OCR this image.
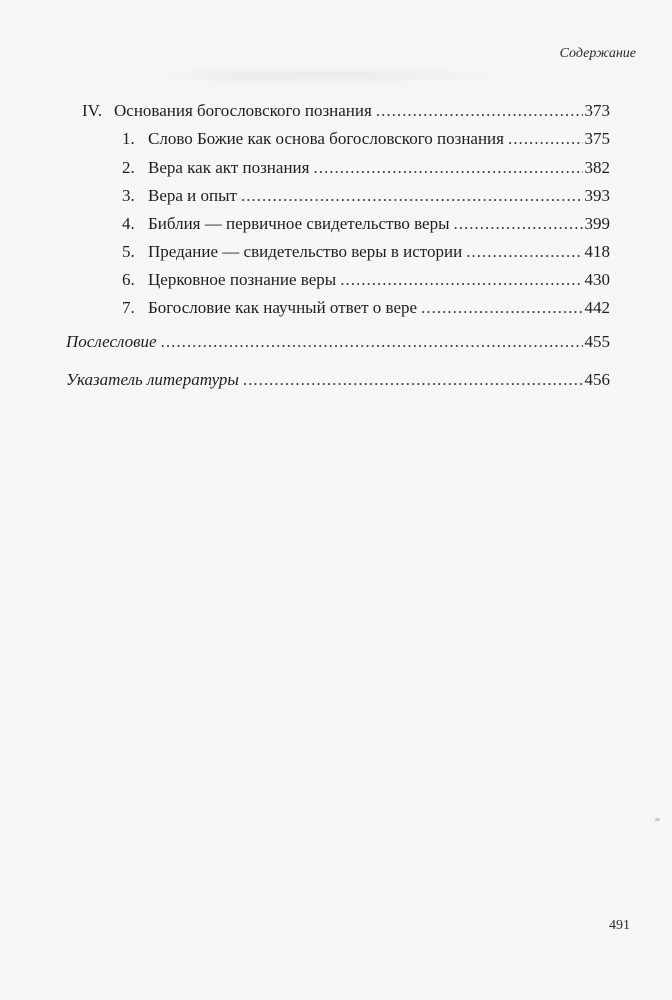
Содержание
IV. Основания богословского познания .....	373
1. Слово Божие как основа богословского познания .....	375
2. Вера как акт познания .....	382
3. Вера и опыт .....	393
4. Библия — первичное свидетельство веры .....	399
5. Предание — свидетельство веры в истории .....	418
6. Церковное познание веры .....	430
7. Богословие как научный ответ о вере .....	442
Послесловие .....	455
Указатель литературы .....	456
491
